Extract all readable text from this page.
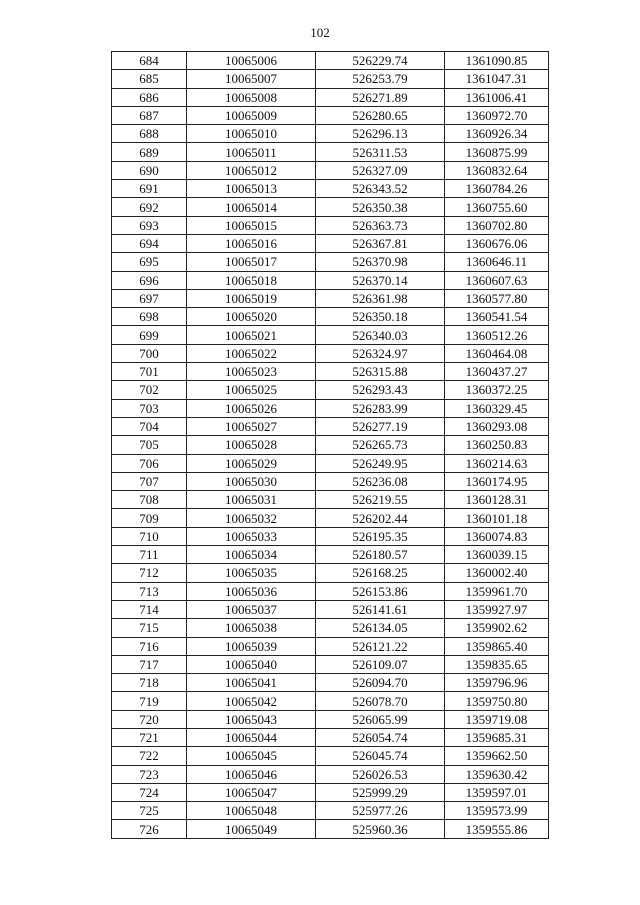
102
684	10065006	526229.74	1361090.85
685	10065007	526253.79	1361047.31
686	10065008	526271.89	1361006.41
687	10065009	526280.65	1360972.70
688	10065010	526296.13	1360926.34
689	10065011	526311.53	1360875.99
690	10065012	526327.09	1360832.64
691	10065013	526343.52	1360784.26
692	10065014	526350.38	1360755.60
693	10065015	526363.73	1360702.80
694	10065016	526367.81	1360676.06
695	10065017	526370.98	1360646.11
696	10065018	526370.14	1360607.63
697	10065019	526361.98	1360577.80
698	10065020	526350.18	1360541.54
699	10065021	526340.03	1360512.26
700	10065022	526324.97	1360464.08
701	10065023	526315.88	1360437.27
702	10065025	526293.43	1360372.25
703	10065026	526283.99	1360329.45
704	10065027	526277.19	1360293.08
705	10065028	526265.73	1360250.83
706	10065029	526249.95	1360214.63
707	10065030	526236.08	1360174.95
708	10065031	526219.55	1360128.31
709	10065032	526202.44	1360101.18
710	10065033	526195.35	1360074.83
711	10065034	526180.57	1360039.15
712	10065035	526168.25	1360002.40
713	10065036	526153.86	1359961.70
714	10065037	526141.61	1359927.97
715	10065038	526134.05	1359902.62
716	10065039	526121.22	1359865.40
717	10065040	526109.07	1359835.65
718	10065041	526094.70	1359796.96
719	10065042	526078.70	1359750.80
720	10065043	526065.99	1359719.08
721	10065044	526054.74	1359685.31
722	10065045	526045.74	1359662.50
723	10065046	526026.53	1359630.42
724	10065047	525999.29	1359597.01
725	10065048	525977.26	1359573.99
726	10065049	525960.36	1359555.86
